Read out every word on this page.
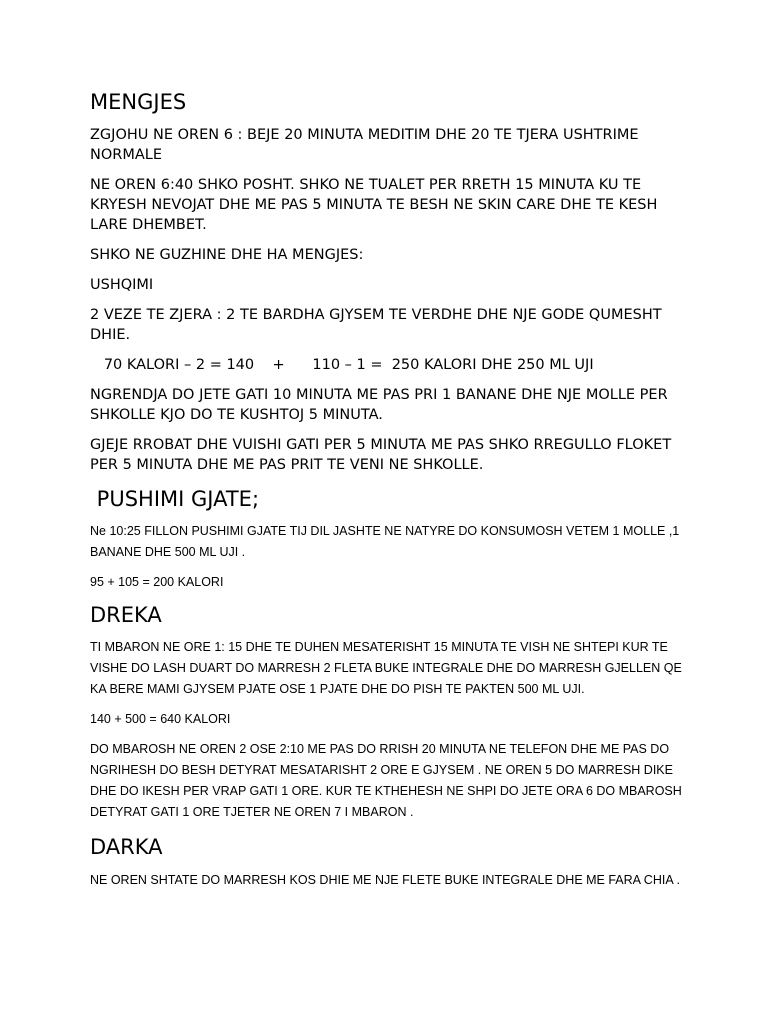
MENGJES

ZGJOHU NE OREN 6 : BEJE 20 MINUTA MEDITIM DHE 20 TE TJERA USHTRIME NORMALE

NE OREN 6:40 SHKO POSHT. SHKO NE TUALET PER RRETH 15 MINUTA KU TE KRYESH NEVOJAT DHE ME PAS 5 MINUTA TE BESH NE SKIN CARE DHE TE KESH LARE DHEMBET.

SHKO NE GUZHINE DHE HA MENGJES:

USHQIMI

2 VEZE TE ZJERA : 2 TE BARDHA GJYSEM TE VERDHE DHE NJE GODE QUMESHT DHIE.

70 KALORI – 2 = 140    +      110 – 1 =  250 KALORI DHE 250 ML UJI

NGRENDJA DO JETE GATI 10 MINUTA ME PAS PRI 1 BANANE DHE NJE MOLLE PER SHKOLLE KJO DO TE KUSHTOJ 5 MINUTA.

GJEJE RROBAT DHE VUISHI GATI PER 5 MINUTA ME PAS SHKO RREGULLO FLOKET PER 5 MINUTA DHE ME PAS PRIT TE VENI NE SHKOLLE.

PUSHIMI GJATE;

Ne 10:25 FILLON PUSHIMI GJATE TIJ DIL JASHTE NE NATYRE DO KONSUMOSH VETEM 1 MOLLE ,1 BANANE DHE 500 ML UJI .

95 + 105 = 200 KALORI

DREKA

TI MBARON NE ORE 1: 15 DHE TE DUHEN MESATERISHT 15 MINUTA TE VISH NE SHTEPI KUR TE VISHE DO LASH DUART DO MARRESH 2 FLETA BUKE INTEGRALE DHE DO MARRESH GJELLEN QE KA BERE MAMI GJYSEM PJATE OSE 1 PJATE DHE DO PISH TE PAKTEN 500 ML UJI.

140 + 500 = 640 KALORI

DO MBAROSH NE OREN 2 OSE 2:10 ME PAS DO RRISH 20 MINUTA NE TELEFON DHE ME PAS DO NGRIHESH DO BESH DETYRAT MESATARISHT 2 ORE E GJYSEM . NE OREN 5 DO MARRESH DIKE DHE DO IKESH PER VRAP GATI 1 ORE. KUR TE KTHEHESH NE SHPI DO JETE ORA 6 DO MBAROSH DETYRAT GATI 1 ORE TJETER NE OREN 7 I MBARON .

DARKA

NE OREN SHTATE DO MARRESH KOS DHIE ME NJE FLETE BUKE INTEGRALE DHE ME FARA CHIA .
